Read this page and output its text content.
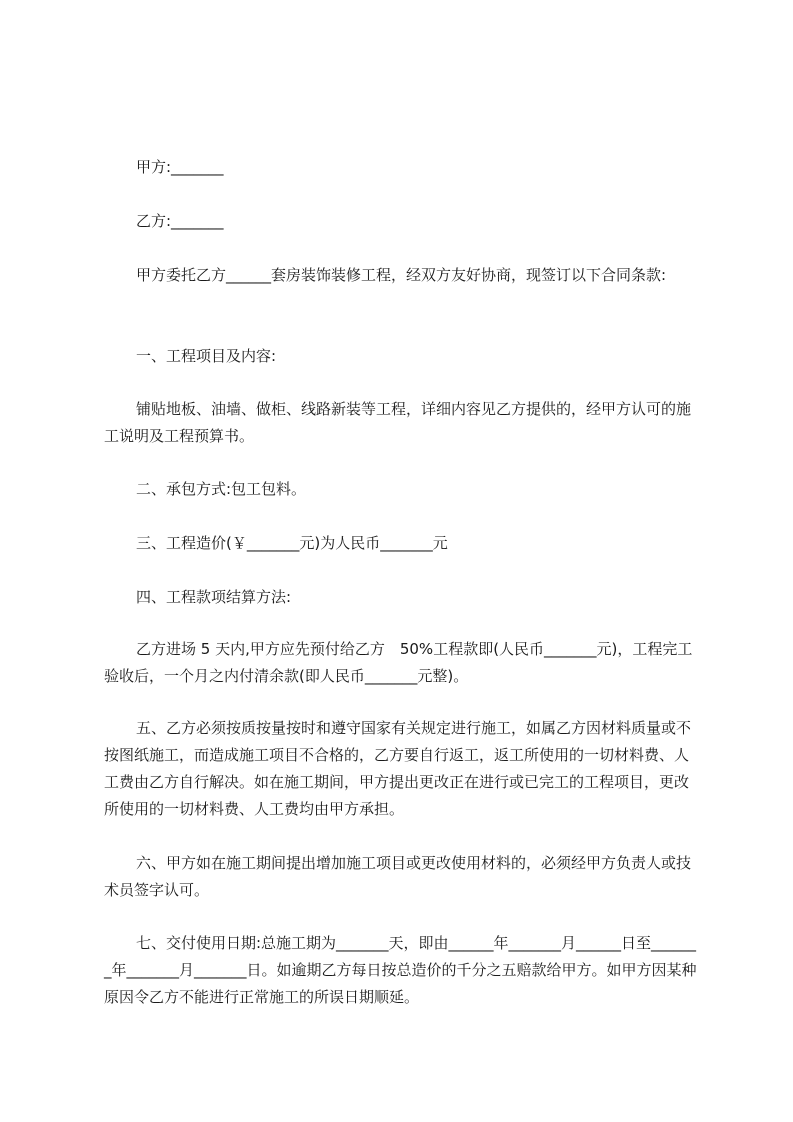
甲方:_______

乙方:_______

甲方委托乙方______套房装饰装修工程，经双方友好协商，现签订以下合同条款:

一、工程项目及内容:

铺贴地板、油墙、做柜、线路新装等工程，详细内容见乙方提供的，经甲方认可的施工说明及工程预算书。

二、承包方式:包工包料。

三、工程造价(￥_______元)为人民币_______元

四、工程款项结算方法:

乙方进场 5 天内,甲方应先预付给乙方　50%工程款即(人民币_______元)，工程完工验收后，一个月之内付清余款(即人民币_______元整)。

五、乙方必须按质按量按时和遵守国家有关规定进行施工，如属乙方因材料质量或不按图纸施工，而造成施工项目不合格的，乙方要自行返工，返工所使用的一切材料费、人工费由乙方自行解决。如在施工期间，甲方提出更改正在进行或已完工的工程项目，更改所使用的一切材料费、人工费均由甲方承担。

六、甲方如在施工期间提出增加施工项目或更改使用材料的，必须经甲方负责人或技术员签字认可。

七、交付使用日期:总施工期为_______天，即由______年_______月______日至_______年_______月_______日。如逾期乙方每日按总造价的千分之五赔款给甲方。如甲方因某种原因令乙方不能进行正常施工的所误日期顺延。
